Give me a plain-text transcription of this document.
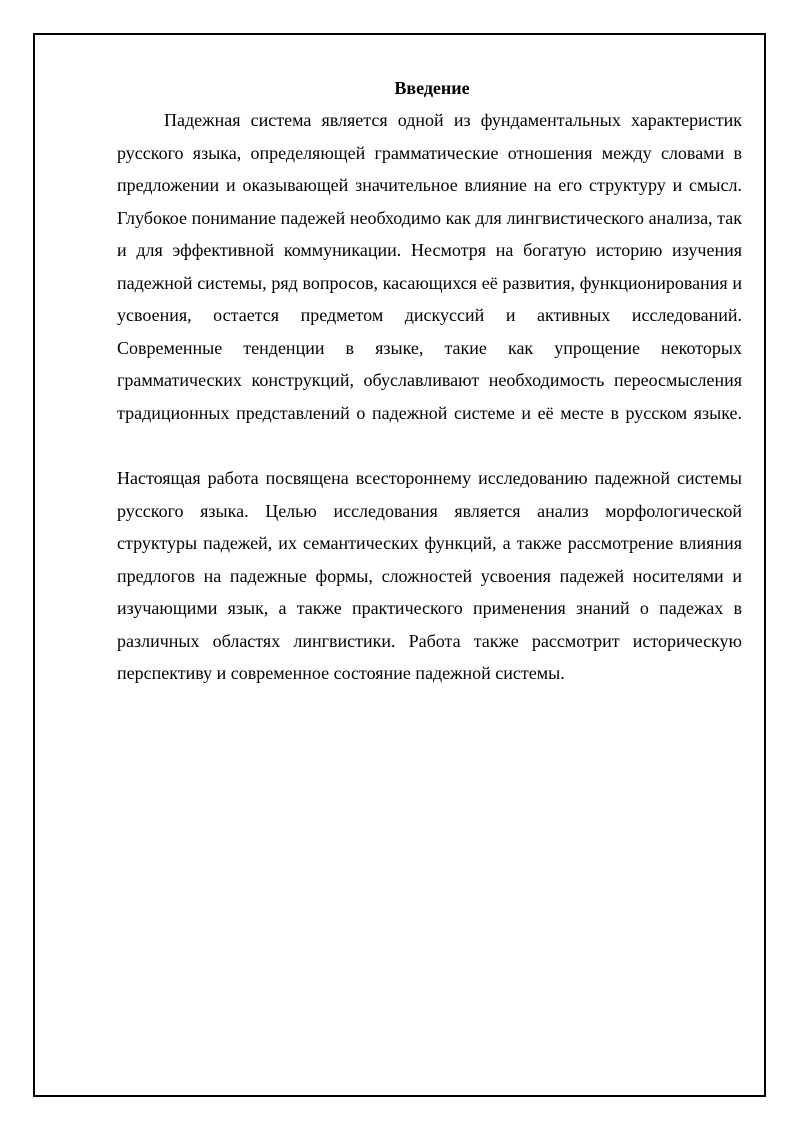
Введение

Падежная система является одной из фундаментальных характеристик русского языка, определяющей грамматические отношения между словами в предложении и оказывающей значительное влияние на его структуру и смысл. Глубокое понимание падежей необходимо как для лингвистического анализа, так и для эффективной коммуникации. Несмотря на богатую историю изучения падежной системы, ряд вопросов, касающихся её развития, функционирования и усвоения, остается предметом дискуссий и активных исследований. Современные тенденции в языке, такие как упрощение некоторых грамматических конструкций, обуславливают необходимость переосмысления традиционных представлений о падежной системе и её месте в русском языке.

Настоящая работа посвящена всестороннему исследованию падежной системы русского языка. Целью исследования является анализ морфологической структуры падежей, их семантических функций, а также рассмотрение влияния предлогов на падежные формы, сложностей усвоения падежей носителями и изучающими язык, а также практического применения знаний о падежах в различных областях лингвистики. Работа также рассмотрит историческую перспективу и современное состояние падежной системы.
